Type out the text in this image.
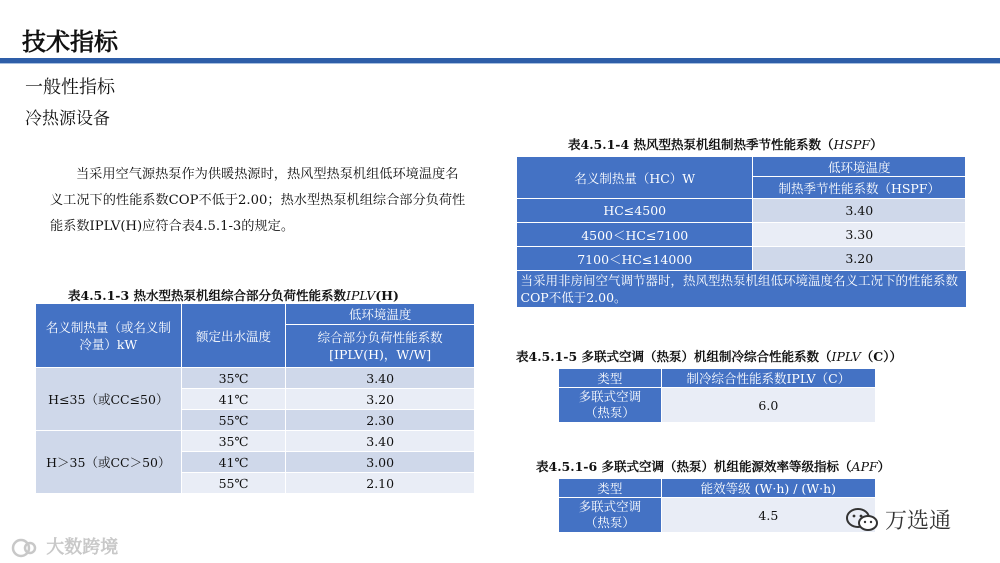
技术指标
一般性指标
冷热源设备
当采用空气源热泵作为供暖热源时，热风型热泵机组低环境温度名义工况下的性能系数COP不低于2.00；热水型热泵机组综合部分负荷性能系数IPLV(H)应符合表4.5.1-3的规定。
表4.5.1-3 热水型热泵机组综合部分负荷性能系数IPLV(H)
名义制热量（或名义制冷量）kW	额定出水温度	低环境温度
		综合部分负荷性能系数[IPLV(H)，W/W]
H≤35（或CC≤50）	35℃	3.40
	41℃	3.20
	55℃	2.30
H＞35（或CC＞50）	35℃	3.40
	41℃	3.00
	55℃	2.10
表4.5.1-4 热风型热泵机组制热季节性能系数（HSPF）
名义制热量（HC）W	低环境温度
	制热季节性能系数（HSPF）
HC≤4500	3.40
4500＜HC≤7100	3.30
7100＜HC≤14000	3.20
当采用非房间空气调节器时，热风型热泵机组低环境温度名义工况下的性能系数COP不低于2.00。	
表4.5.1-5 多联式空调（热泵）机组制冷综合性能系数（IPLV（C））
类型	制冷综合性能系数IPLV（C）
多联式空调（热泵）	6.0
表4.5.1-6 多联式空调（热泵）机组能源效率等级指标（APF）
类型	能效等级 (W·h) / (W·h)
多联式空调（热泵）	4.5
大数跨境
万选通
